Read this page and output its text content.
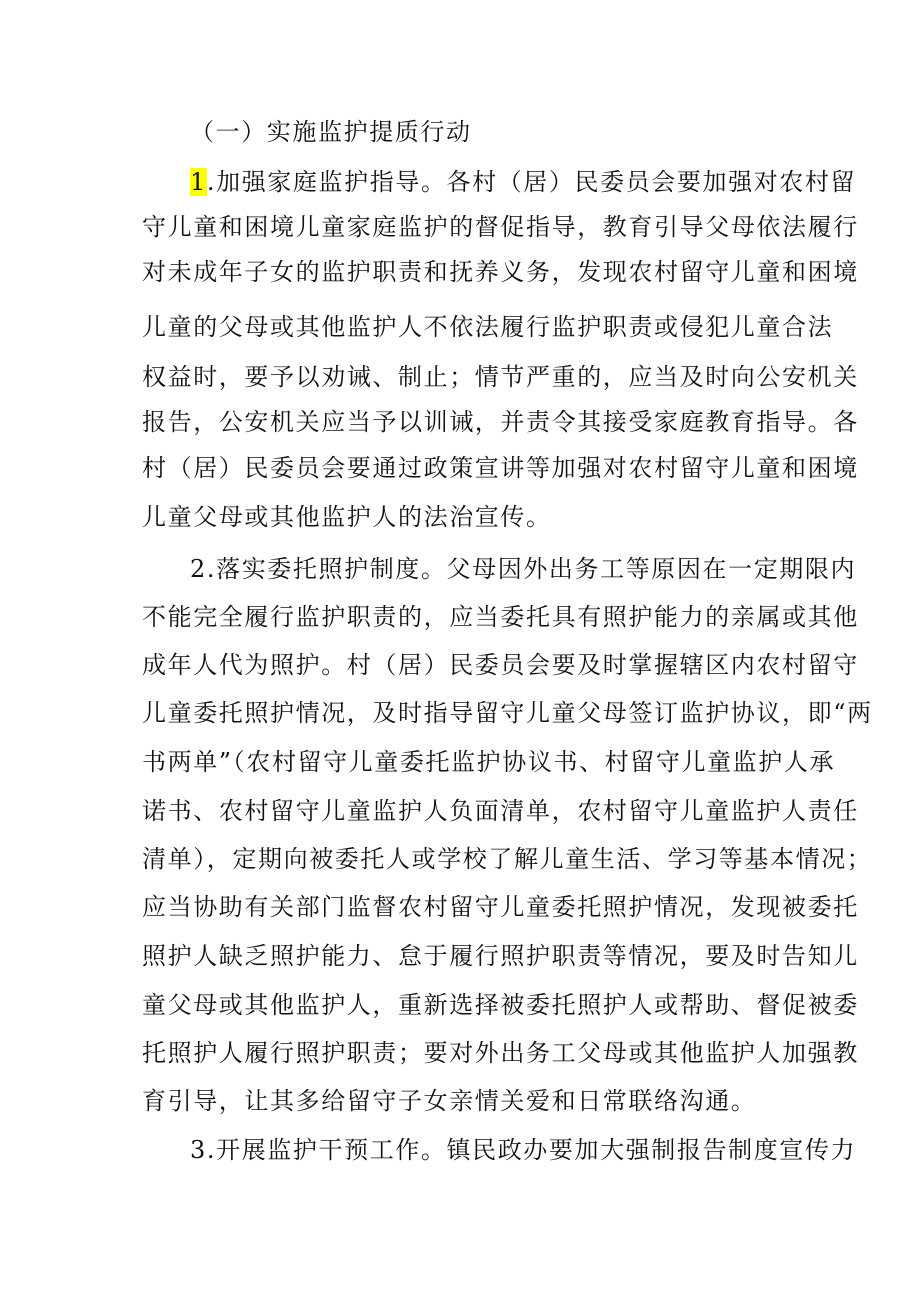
（一）实施监护提质行动
1.加强家庭监护指导。各村（居）民委员会要加强对农村留
守儿童和困境儿童家庭监护的督促指导，教育引导父母依法履行
对未成年子女的监护职责和抚养义务，发现农村留守儿童和困境
儿童的父母或其他监护人不依法履行监护职责或侵犯儿童合法
权益时，要予以劝诫、制止；情节严重的，应当及时向公安机关
报告，公安机关应当予以训诫，并责令其接受家庭教育指导。各
村（居）民委员会要通过政策宣讲等加强对农村留守儿童和困境
儿童父母或其他监护人的法治宣传。
2.落实委托照护制度。父母因外出务工等原因在一定期限内
不能完全履行监护职责的，应当委托具有照护能力的亲属或其他
成年人代为照护。村（居）民委员会要及时掌握辖区内农村留守
儿童委托照护情况，及时指导留守儿童父母签订监护协议，即“两
书两单”（农村留守儿童委托监护协议书、村留守儿童监护人承
诺书、农村留守儿童监护人负面清单，农村留守儿童监护人责任
清单），定期向被委托人或学校了解儿童生活、学习等基本情况；
应当协助有关部门监督农村留守儿童委托照护情况，发现被委托
照护人缺乏照护能力、怠于履行照护职责等情况，要及时告知儿
童父母或其他监护人，重新选择被委托照护人或帮助、督促被委
托照护人履行照护职责；要对外出务工父母或其他监护人加强教
育引导，让其多给留守子女亲情关爱和日常联络沟通。
3.开展监护干预工作。镇民政办要加大强制报告制度宣传力
